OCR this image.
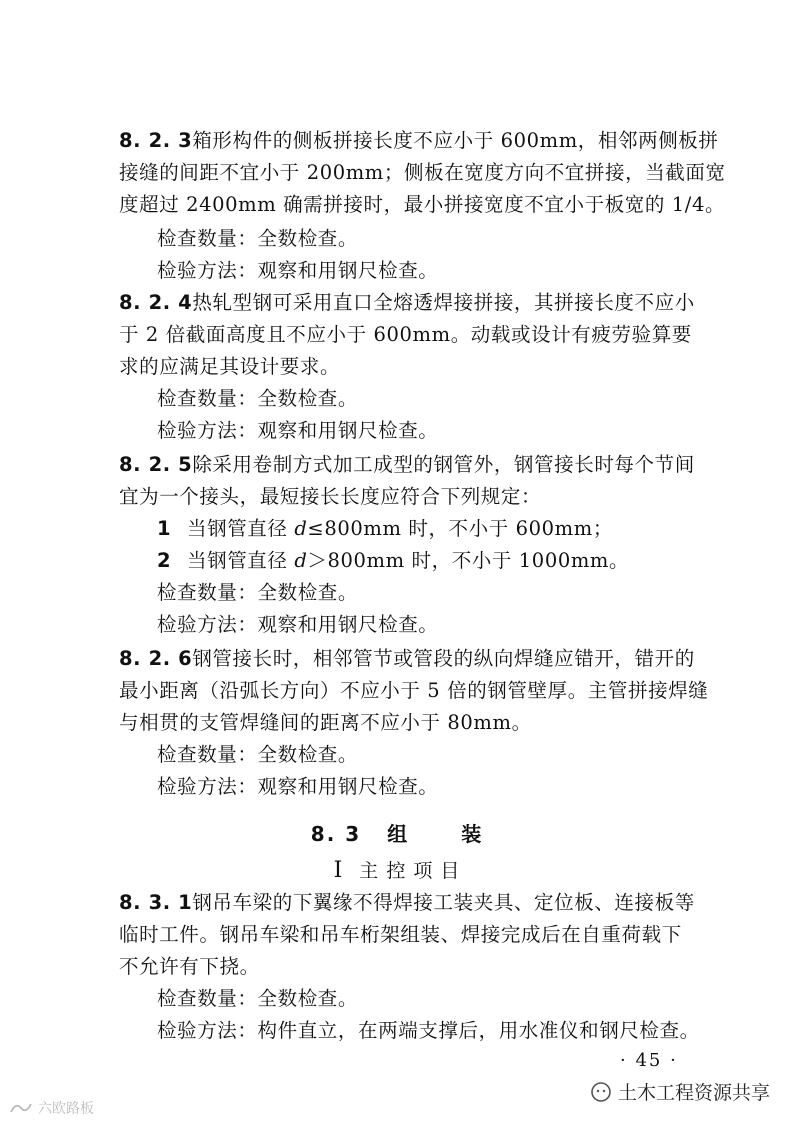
8. 2. 3箱形构件的侧板拼接长度不应小于 600mm，相邻两侧板拼
接缝的间距不宜小于 200mm；侧板在宽度方向不宜拼接，当截面宽
度超过 2400mm 确需拼接时，最小拼接宽度不宜小于板宽的 1/4。
检查数量：全数检查。
检验方法：观察和用钢尺检查。
8. 2. 4热轧型钢可采用直口全熔透焊接拼接，其拼接长度不应小
于 2 倍截面高度且不应小于 600mm。动载或设计有疲劳验算要
求的应满足其设计要求。
检查数量：全数检查。
检验方法：观察和用钢尺检查。
8. 2. 5除采用卷制方式加工成型的钢管外，钢管接长时每个节间
宜为一个接头，最短接长长度应符合下列规定：
1 当钢管直径 d≤800mm 时，不小于 600mm；
2 当钢管直径 d＞800mm 时，不小于 1000mm。
检查数量：全数检查。
检验方法：观察和用钢尺检查。
8. 2. 6钢管接长时，相邻管节或管段的纵向焊缝应错开，错开的
最小距离（沿弧长方向）不应小于 5 倍的钢管壁厚。主管拼接焊缝
与相贯的支管焊缝间的距离不应小于 80mm。
检查数量：全数检查。
检验方法：观察和用钢尺检查。
8. 3 组	装
Ⅰ 主 控 项 目
8. 3. 1钢吊车梁的下翼缘不得焊接工装夹具、定位板、连接板等
临时工件。钢吊车梁和吊车桁架组装、焊接完成后在自重荷载下
不允许有下挠。
检查数量：全数检查。
检验方法：构件直立，在两端支撑后，用水准仪和钢尺检查。
· 45 ·
土木工程资源共享
六欧路板
